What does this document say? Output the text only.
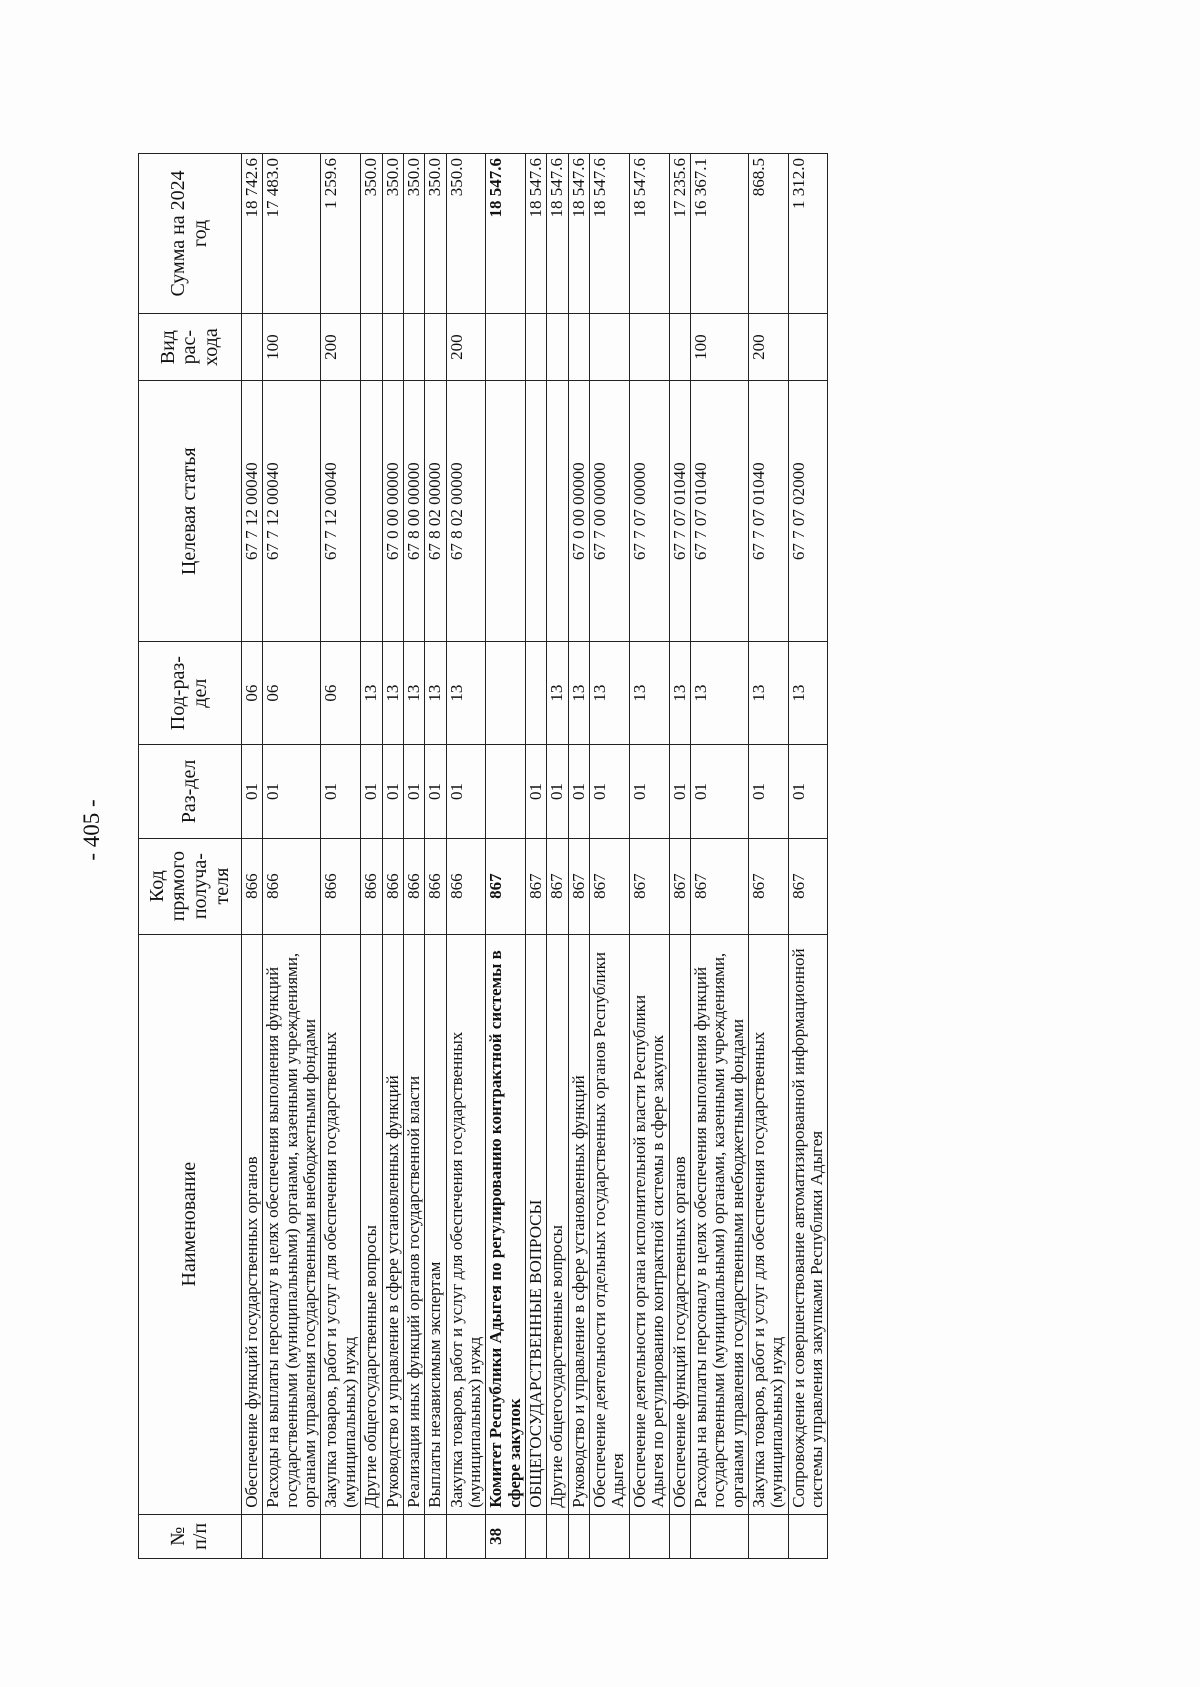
- 405 -
№ п/п	Наименование	Код прямого получа-теля	Раз-дел	Под-раз-дел	Целевая статья	Вид рас-хода	Сумма на 2024 год
	Обеспечение функций государственных органов	866	01	06	67 7 12 00040		18 742.6
	Расходы на выплаты персоналу в целях обеспечения выполнения функций государственными (муниципальными) органами, казенными учреждениями, органами управления государственными внебюджетными фондами	866	01	06	67 7 12 00040	100	17 483.0
	Закупка товаров, работ и услуг для обеспечения государственных (муниципальных) нужд	866	01	06	67 7 12 00040	200	1 259.6
	Другие общегосударственные вопросы	866	01	13			350.0
	Руководство и управление в сфере установленных функций	866	01	13	67 0 00 00000		350.0
	Реализация иных функций органов государственной власти	866	01	13	67 8 00 00000		350.0
	Выплаты независимым экспертам	866	01	13	67 8 02 00000		350.0
	Закупка товаров, работ и услуг для обеспечения государственных (муниципальных) нужд	866	01	13	67 8 02 00000	200	350.0
38	Комитет Республики Адыгея по регулированию контрактной системы в сфере закупок	867					18 547.6
	ОБЩЕГОСУДАРСТВЕННЫЕ ВОПРОСЫ	867	01				18 547.6
	Другие общегосударственные вопросы	867	01	13			18 547.6
	Руководство и управление в сфере установленных функций	867	01	13	67 0 00 00000		18 547.6
	Обеспечение деятельности отдельных государственных органов Республики Адыгея	867	01	13	67 7 00 00000		18 547.6
	Обеспечение деятельности органа исполнительной власти Республики Адыгея по регулированию контрактной системы в сфере закупок	867	01	13	67 7 07 00000		18 547.6
	Обеспечение функций государственных органов	867	01	13	67 7 07 01040		17 235.6
	Расходы на выплаты персоналу в целях обеспечения выполнения функций государственными (муниципальными) органами, казенными учреждениями, органами управления государственными внебюджетными фондами	867	01	13	67 7 07 01040	100	16 367.1
	Закупка товаров, работ и услуг для обеспечения государственных (муниципальных) нужд	867	01	13	67 7 07 01040	200	868.5
	Сопровождение и совершенствование автоматизированной информационной системы управления закупками Республики Адыгея	867	01	13	67 7 07 02000		1 312.0
